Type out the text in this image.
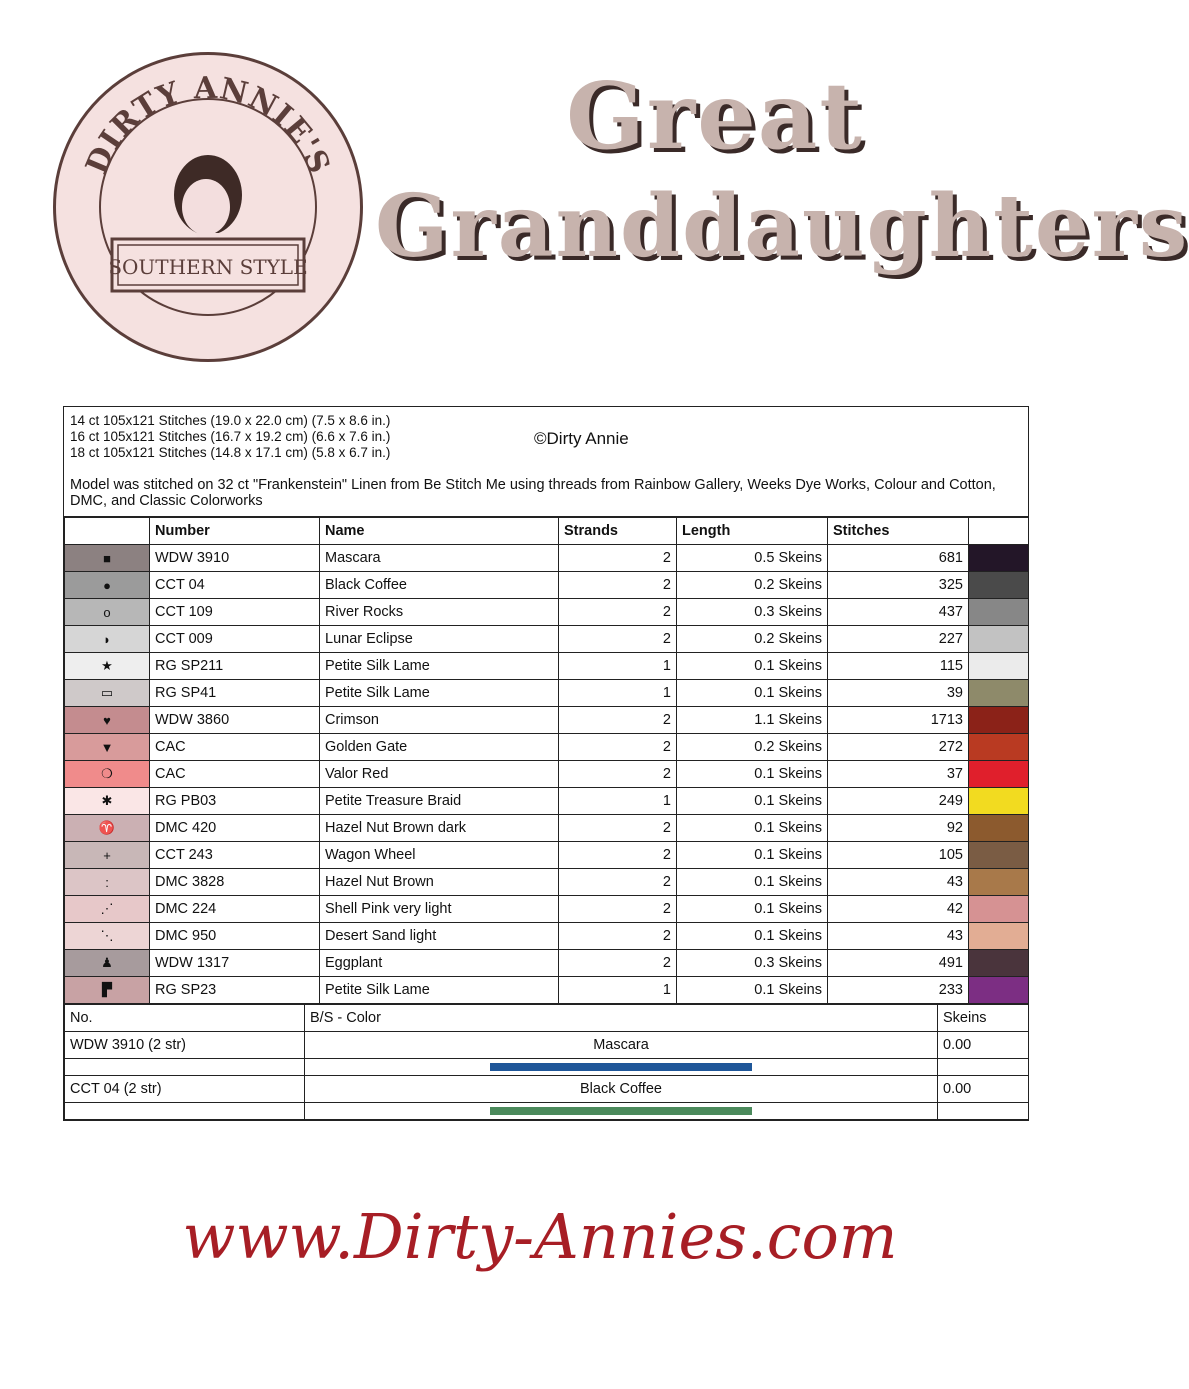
DIRTY ANNIE'S
SOUTHERN STYLE
Great
Granddaughters
14 ct 105x121 Stitches (19.0 x 22.0 cm) (7.5 x 8.6 in.)
16 ct 105x121 Stitches (16.7 x 19.2 cm) (6.6 x 7.6 in.)
18 ct 105x121 Stitches (14.8 x 17.1 cm) (5.8 x 6.7 in.)
©Dirty Annie
Model was stitched on 32 ct "Frankenstein" Linen from Be Stitch Me using threads from Rainbow Gallery, Weeks Dye Works, Colour and Cotton, DMC, and Classic Colorworks
	Number	Name	Strands	Length	Stitches	
■	WDW 3910	Mascara	2	0.5 Skeins	681	

●	CCT 04	Black Coffee	2	0.2 Skeins	325	

o	CCT 109	River Rocks	2	0.3 Skeins	437	

◗	CCT 009	Lunar Eclipse	2	0.2 Skeins	227	

★	RG SP211	Petite Silk Lame	1	0.1 Skeins	115	

▭	RG SP41	Petite Silk Lame	1	0.1 Skeins	39	

♥	WDW 3860	Crimson	2	1.1 Skeins	1713	

▼	CAC	Golden Gate	2	0.2 Skeins	272	

❍	CAC	Valor Red	2	0.1 Skeins	37	

✱	RG PB03	Petite Treasure Braid	1	0.1 Skeins	249	

♈	DMC 420	Hazel Nut Brown dark	2	0.1 Skeins	92	

+	CCT 243	Wagon Wheel	2	0.1 Skeins	105	

:	DMC 3828	Hazel Nut Brown	2	0.1 Skeins	43	

⋰	DMC 224	Shell Pink very light	2	0.1 Skeins	42	

⋱	DMC 950	Desert Sand light	2	0.1 Skeins	43	

♟	WDW 1317	Eggplant	2	0.3 Skeins	491	

▛	RG SP23	Petite Silk Lame	1	0.1 Skeins	233	
No.	B/S - Color	Skeins
WDW 3910 (2 str)	Mascara	0.00

CCT 04 (2 str)	Black Coffee	0.00

www.Dirty-Annies.com
